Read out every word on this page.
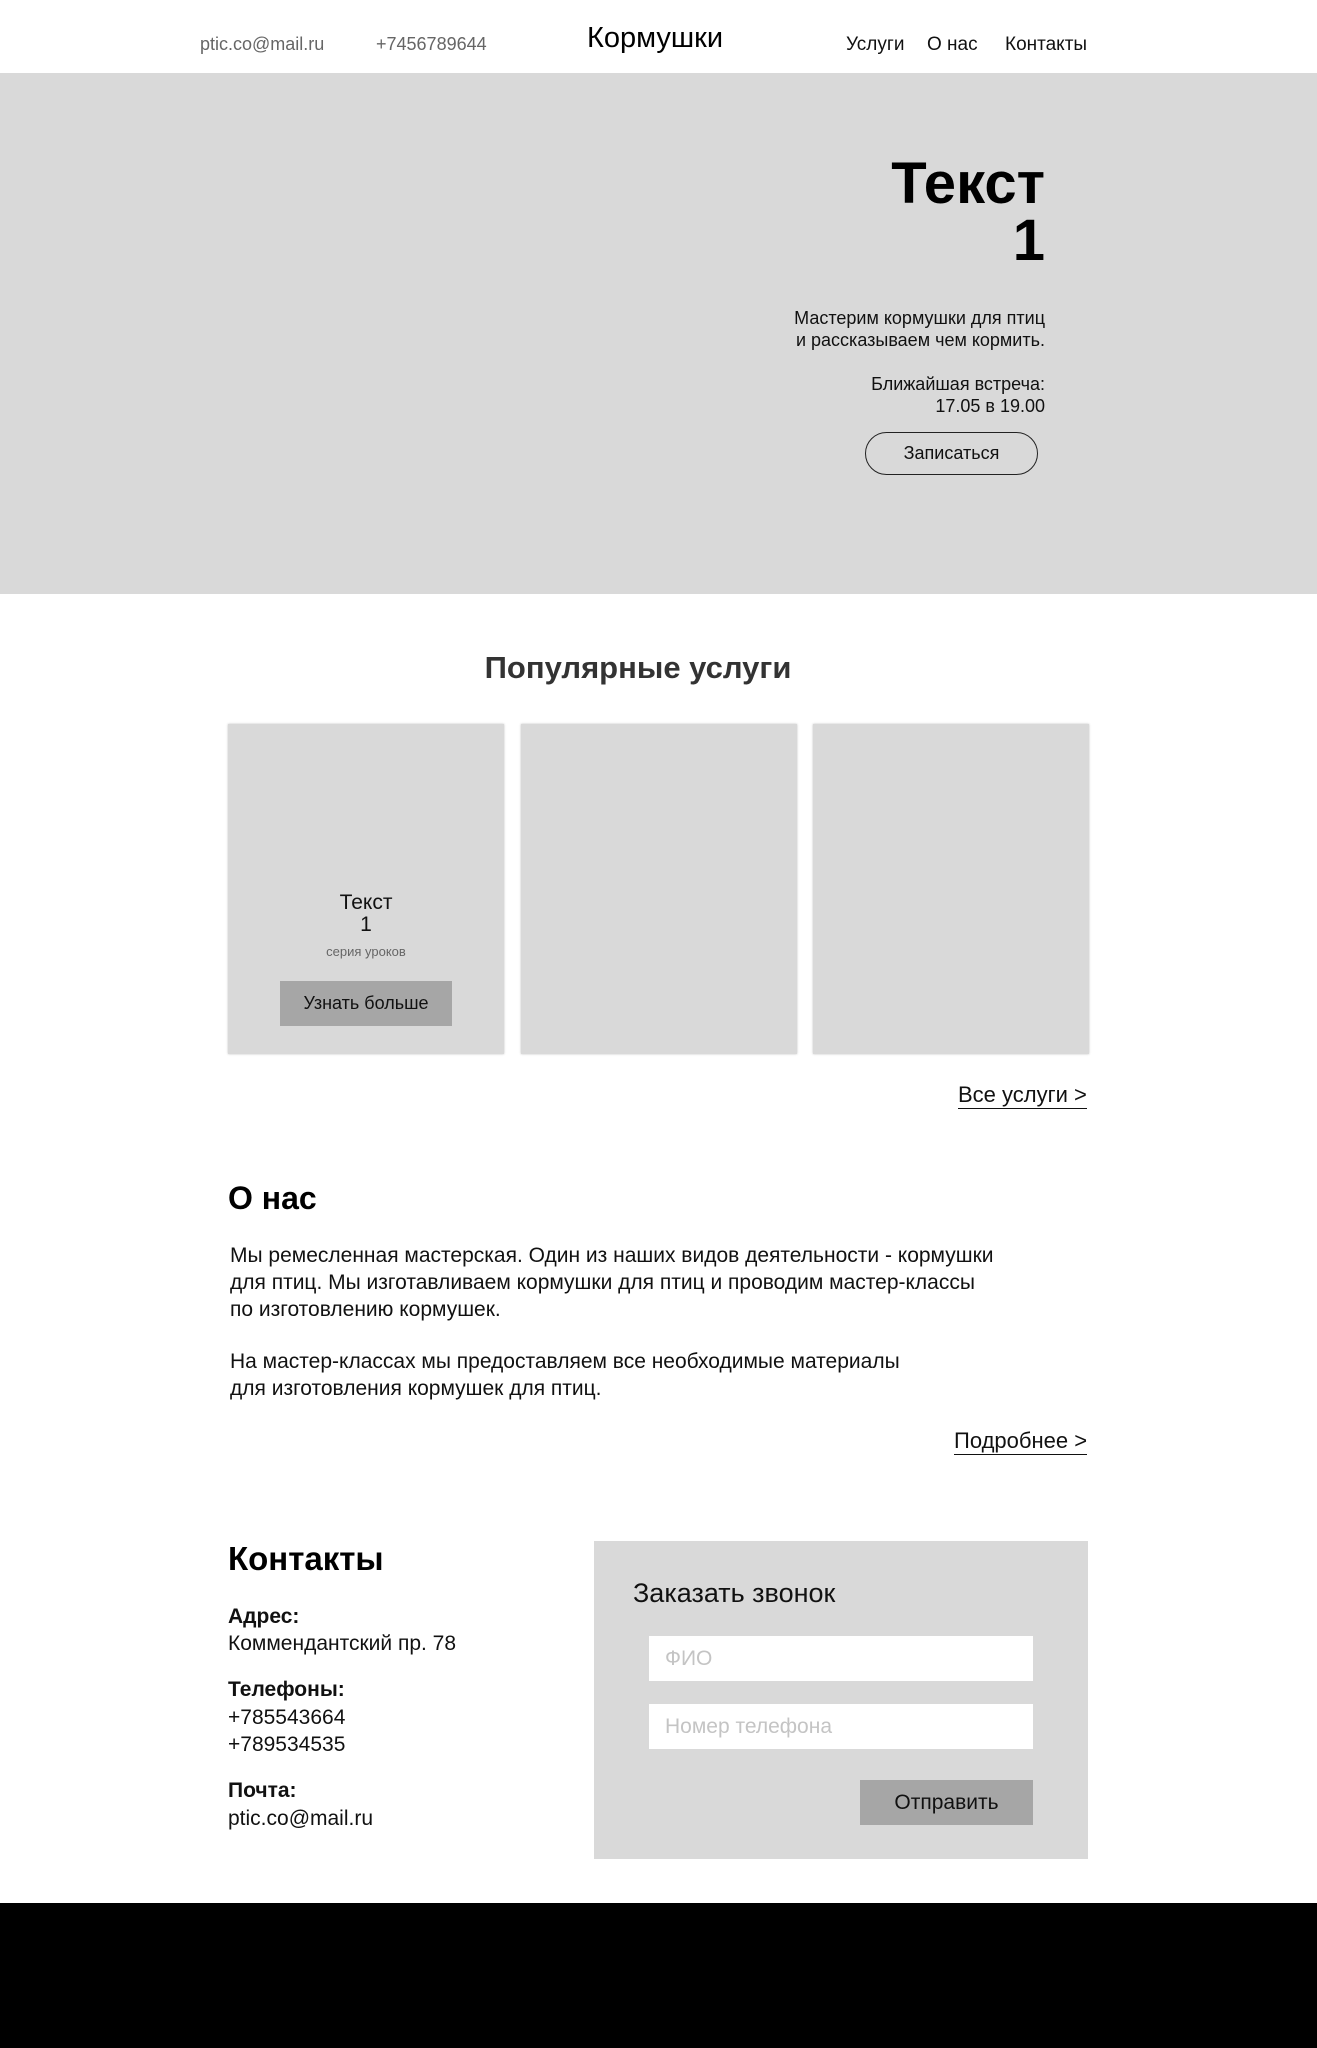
ptic.co@mail.ru	+7456789644	Кормушки	Услуги О нас Контакты
Текст
1
Мастерим кормушки для птиц
и рассказываем чем кормить.
Ближайшая встреча:
17.05 в 19.00
Записаться
Популярные услуги
Текст
1
серия уроков
Узнать больше
Все услуги >
О нас
Мы ремесленная мастерская. Один из наших видов деятельности - кормушки
для птиц. Мы изготавливаем кормушки для птиц и проводим мастер-классы
по изготовлению кормушек.
На мастер-классах мы предоставляем все необходимые материалы
для изготовления кормушек для птиц.
Подробнее >
Контакты
Адрес:
Коммендантский пр. 78
Телефоны:
+785543664
+789534535
Почта:
ptic.co@mail.ru
Заказать звонок
ФИО
Номер телефона
Отправить
